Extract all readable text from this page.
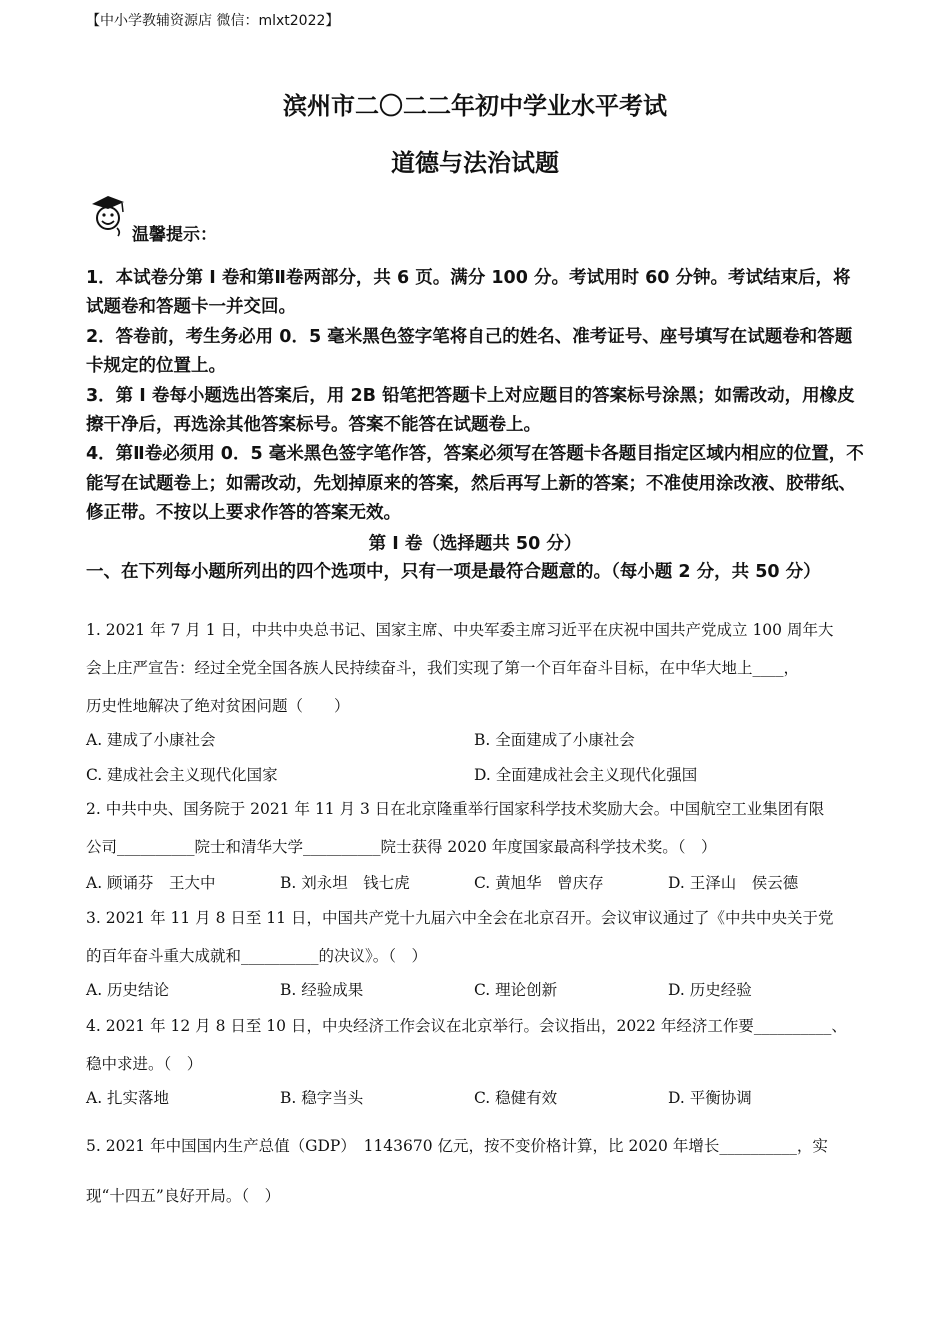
【中小学教辅资源店 微信：mlxt2022】
滨州市二〇二二年初中学业水平考试
道德与法治试题
温馨提示：

1．本试卷分第 I 卷和第Ⅱ卷两部分，共 6 页。满分 100 分。考试用时 60 分钟。考试结束后，将试题卷和答题卡一并交回。

2．答卷前，考生务必用 0．5 毫米黑色签字笔将自己的姓名、准考证号、座号填写在试题卷和答题卡规定的位置上。

3．第 I 卷每小题选出答案后，用 2B 铅笔把答题卡上对应题目的答案标号涂黑；如需改动，用橡皮擦干净后，再选涂其他答案标号。答案不能答在试题卷上。

4．第Ⅱ卷必须用 0．5 毫米黑色签字笔作答，答案必须写在答题卡各题目指定区域内相应的位置，不能写在试题卷上；如需改动，先划掉原来的答案，然后再写上新的答案；不准使用涂改液、胶带纸、修正带。不按以上要求作答的答案无效。

第 I 卷（选择题共 50 分）
一、在下列每小题所列出的四个选项中，只有一项是最符合题意的。（每小题 2 分，共 50 分）
1. 2021 年 7 月 1 日，中共中央总书记、国家主席、中央军委主席习近平在庆祝中国共产党成立 100 周年大
会上庄严宣告：经过全党全国各族人民持续奋斗，我们实现了第一个百年奋斗目标，在中华大地上____，
历史性地解决了绝对贫困问题（　　）
A. 建成了小康社会	B. 全面建成了小康社会
C. 建成社会主义现代化国家	D. 全面建成社会主义现代化强国
2. 中共中央、国务院于 2021 年 11 月 3 日在北京隆重举行国家科学技术奖励大会。中国航空工业集团有限
公司__________院士和清华大学__________院士获得 2020 年度国家最高科学技术奖。（　）
A. 顾诵芬　王大中	B. 刘永坦　钱七虎	C. 黄旭华　曾庆存	D. 王泽山　侯云德
3. 2021 年 11 月 8 日至 11 日，中国共产党十九届六中全会在北京召开。会议审议通过了《中共中央关于党
的百年奋斗重大成就和__________的决议》。（　）
A. 历史结论	B. 经验成果	C. 理论创新	D. 历史经验
4. 2021 年 12 月 8 日至 10 日，中央经济工作会议在北京举行。会议指出，2022 年经济工作要__________、
稳中求进。（　）
A. 扎实落地	B. 稳字当头	C. 稳健有效	D. 平衡协调
5. 2021 年中国国内生产总值（GDP）　1143670 亿元，按不变价格计算，比 2020 年增长__________，实
现“十四五”良好开局。（　）
